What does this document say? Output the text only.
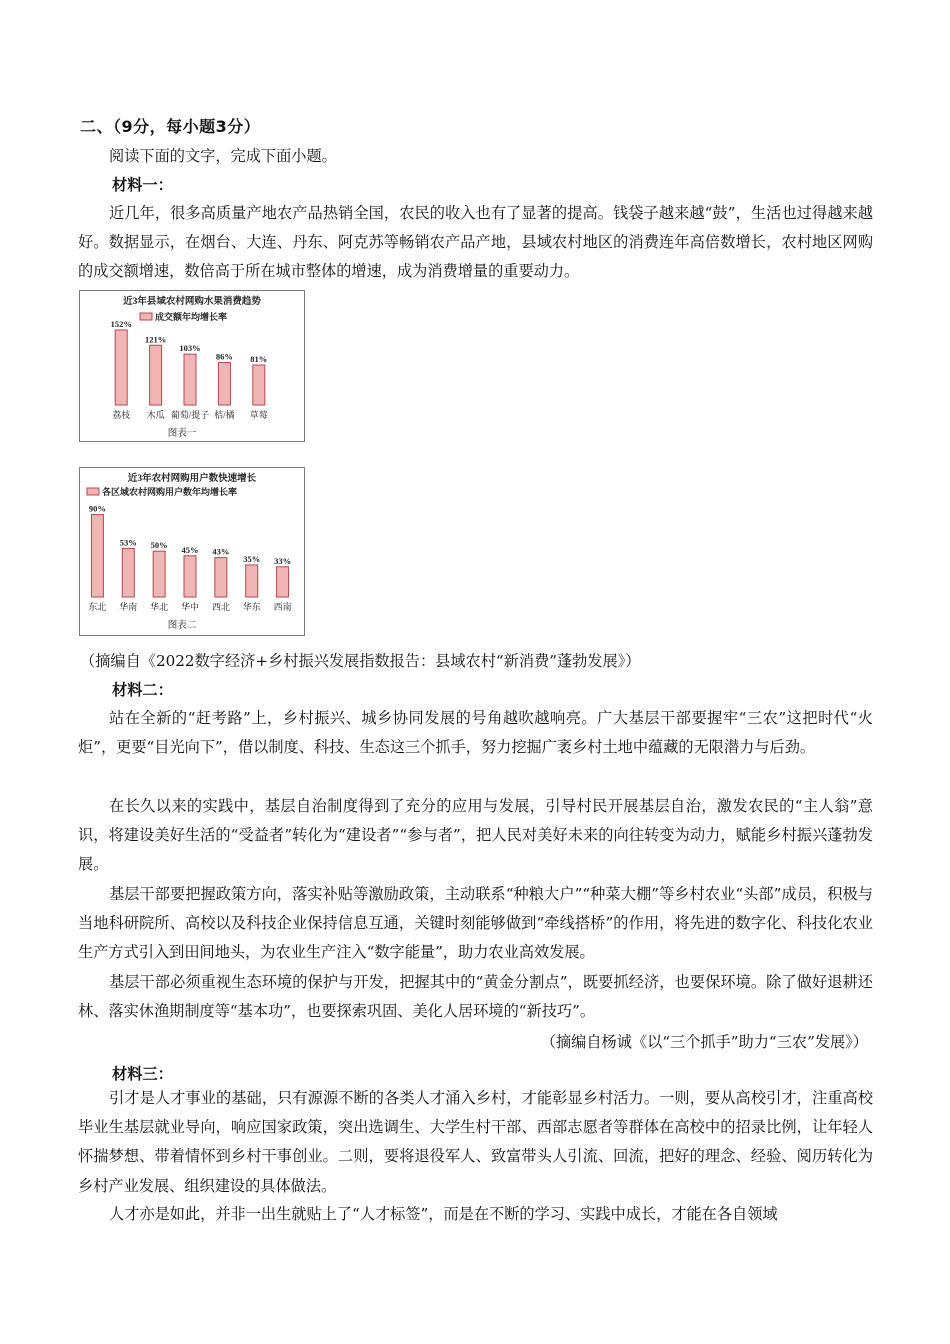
二、（9分，每小题3分）

阅读下面的文字，完成下面小题。

材料一：

近几年，很多高质量产地农产品热销全国，农民的收入也有了显著的提高。钱袋子越来越“鼓”，生活也过得越来越好。数据显示，在烟台、大连、丹东、阿克苏等畅销农产品产地，县域农村地区的消费连年高倍数增长，农村地区网购的成交额增速，数倍高于所在城市整体的增速，成为消费增量的重要动力。

近3年县域农村网购水果消费趋势
成交额年均增长率
152%
荔枝
121%
木瓜
103%
葡萄/提子
86%
桔/橘
81%
草莓
图表一
近3年农村网购用户数快速增长
各区域农村网购用户数年均增长率
90%
东北
53%
华南
50%
华北
45%
华中
43%
西北
35%
华东
33%
西南
图表二

（摘编自《2022数字经济+乡村振兴发展指数报告：县域农村“新消费”蓬勃发展》）

材料二：

站在全新的“赶考路”上，乡村振兴、城乡协同发展的号角越吹越响亮。广大基层干部要握牢“三农”这把时代“火炬”，更要“目光向下”，借以制度、科技、生态这三个抓手，努力挖掘广袤乡村土地中蕴藏的无限潜力与后劲。

在长久以来的实践中，基层自治制度得到了充分的应用与发展，引导村民开展基层自治，激发农民的“主人翁”意识，将建设美好生活的“受益者”转化为“建设者”“参与者”，把人民对美好未来的向往转变为动力，赋能乡村振兴蓬勃发展。

基层干部要把握政策方向，落实补贴等激励政策，主动联系“种粮大户”“种菜大棚”等乡村农业“头部”成员，积极与当地科研院所、高校以及科技企业保持信息互通，关键时刻能够做到“牵线搭桥”的作用，将先进的数字化、科技化农业生产方式引入到田间地头，为农业生产注入“数字能量”，助力农业高效发展。

基层干部必须重视生态环境的保护与开发，把握其中的“黄金分割点”，既要抓经济，也要保环境。除了做好退耕还林、落实休渔期制度等“基本功”，也要探索巩固、美化人居环境的“新技巧”。

（摘编自杨诚《以“三个抓手”助力“三农”发展》）
材料三：

引才是人才事业的基础，只有源源不断的各类人才涌入乡村，才能彰显乡村活力。一则，要从高校引才，注重高校毕业生基层就业导向，响应国家政策，突出选调生、大学生村干部、西部志愿者等群体在高校中的招录比例，让年轻人怀揣梦想、带着情怀到乡村干事创业。二则，要将退役军人、致富带头人引流、回流，把好的理念、经验、阅历转化为乡村产业发展、组织建设的具体做法。

人才亦是如此，并非一出生就贴上了“人才标签”，而是在不断的学习、实践中成长，才能在各自领域
